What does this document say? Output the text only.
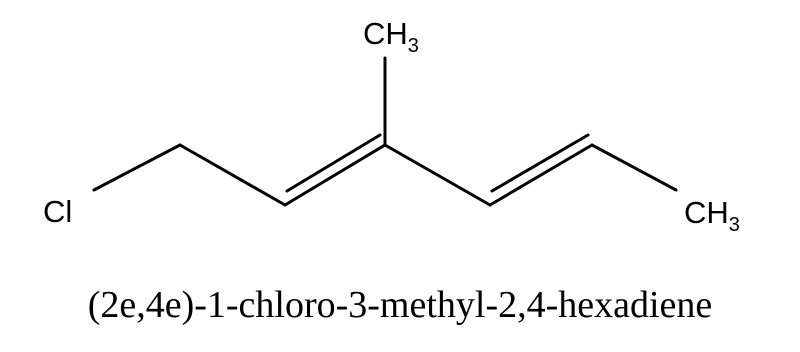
Cl
$CH_3$
$CH_3$
(2e,4e)-1-chloro-3-methyl-2,4-hexadiene
